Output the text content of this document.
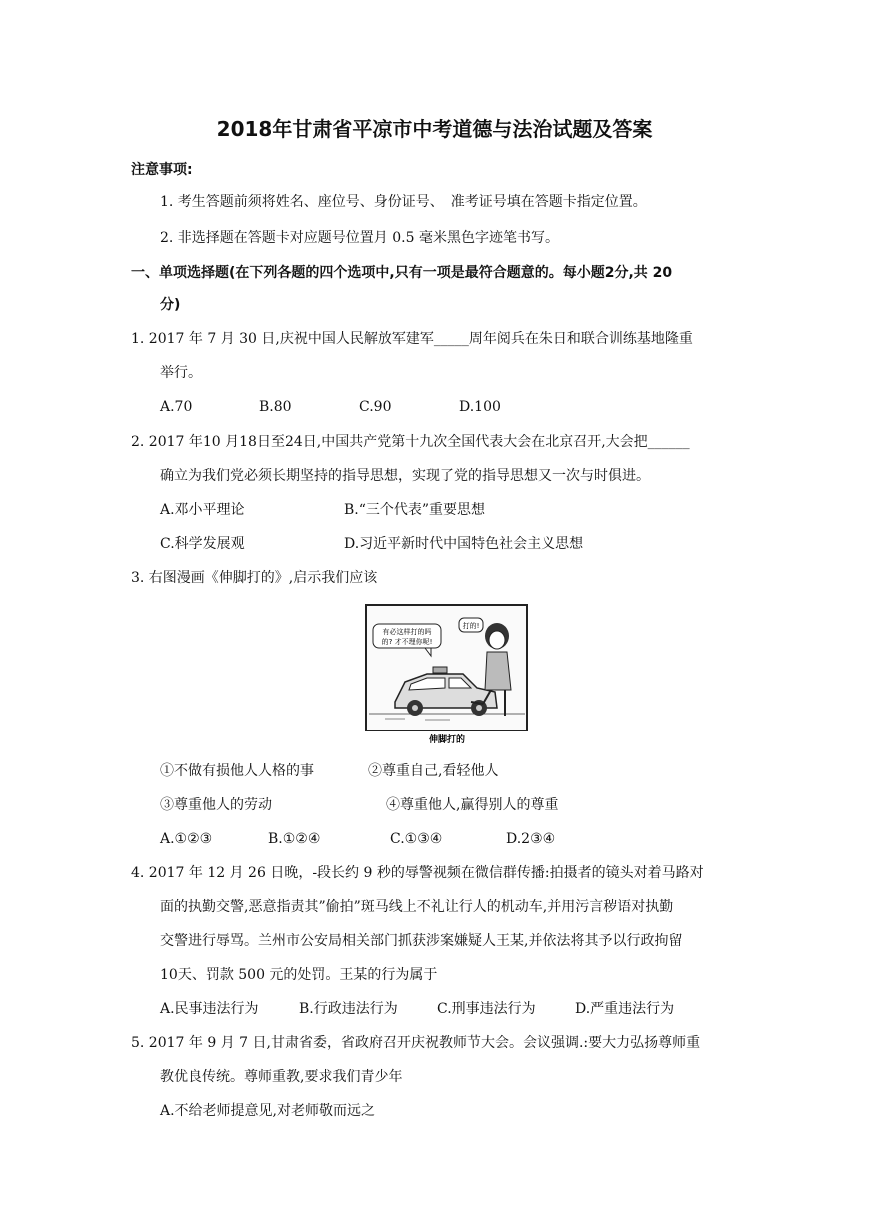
2018年甘肃省平凉市中考道德与法治试题及答案
注意事项:
1. 考生答题前须将姓名、座位号、身份证号、　准考证号填在答题卡指定位置。
2. 非选择题在答题卡对应题号位置月 0.5 毫米黑色字迹笔书写。
一、单项选择题(在下列各题的四个选项中,只有一项是最符合题意的。每小题2分,共 20
分)
1. 2017 年 7 月 30 日,庆祝中国人民解放军建军_____周年阅兵在朱日和联合训练基地隆重
举行。
A.70	B.80	C.90	D.100
2. 2017 年10 月18日至24日,中国共产党第十九次全国代表大会在北京召开,大会把______
确立为我们党必须长期坚持的指导思想，实现了党的指导思想又一次与时俱进。
A.邓小平理论	B.“三个代表”重要思想
C.科学发展观	D.习近平新时代中国特色社会主义思想
3. 右图漫画《伸脚打的》,启示我们应该
有必这样打的吗
的? 才不理你呢!
打的!
伸脚打的
①不做有损他人人格的事	②尊重自己,看轻他人
③尊重他人的劳动	④尊重他人,赢得别人的尊重
A.①②③	B.①②④	C.①③④	D.2③④
4. 2017 年 12 月 26 日晚，-段长约 9 秒的辱警视频在微信群传播:拍摄者的镜头对着马路对
面的执勤交警,恶意指责其”偷拍”斑马线上不礼让行人的机动车,并用污言秽语对执勤
交警进行辱骂。兰州市公安局相关部门抓获涉案嫌疑人王某,并依法将其予以行政拘留
10天、罚款 500 元的处罚。王某的行为属于
A.民事违法行为	B.行政违法行为	C.刑事违法行为	D.严重违法行为
5. 2017 年 9 月 7 日,甘肃省委，省政府召开庆祝教师节大会。会议强调.:要大力弘扬尊师重
教优良传统。尊师重教,要求我们青少年
A.不给老师提意见,对老师敬而远之
